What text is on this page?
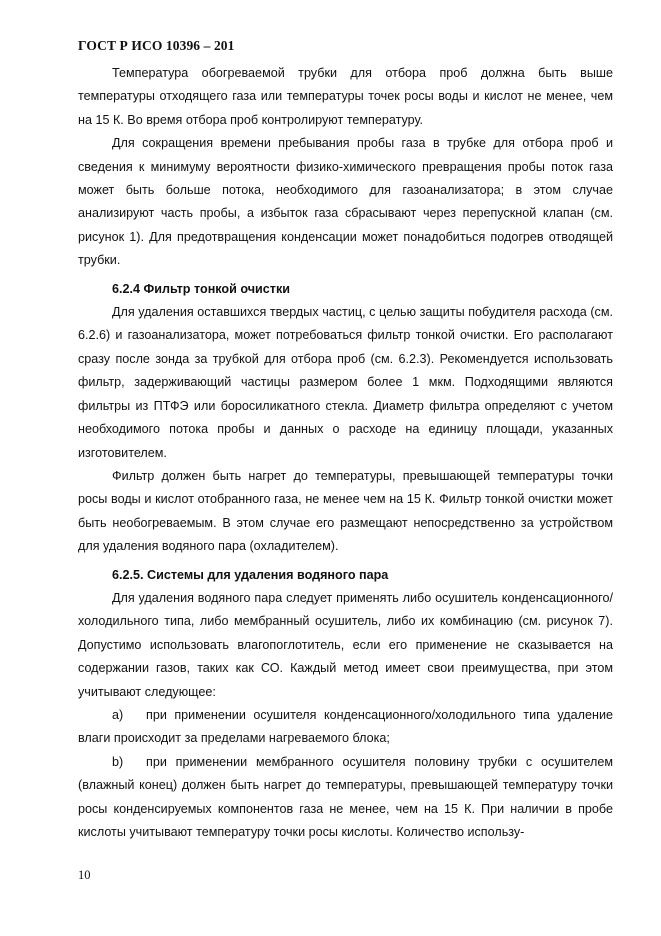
ГОСТ Р ИСО 10396 – 201

Температура обогреваемой трубки для отбора проб должна быть выше температуры отходящего газа или температуры точек росы воды и кислот не менее, чем на 15 К. Во время отбора проб контролируют температуру.

Для сокращения времени пребывания пробы газа в трубке для отбора проб и сведения к минимуму вероятности физико-химического превращения пробы поток газа может быть больше потока, необходимого для газоанализатора; в этом случае анализируют часть пробы, а избыток газа сбрасывают через перепускной клапан (см. рисунок 1). Для предотвращения конденсации может понадобиться подогрев отводящей трубки.

6.2.4 Фильтр тонкой очистки

Для удаления оставшихся твердых частиц, с целью защиты побудителя расхода (см. 6.2.6) и газоанализатора, может потребоваться фильтр тонкой очистки. Его располагают сразу после зонда за трубкой для отбора проб (см. 6.2.3). Рекомендуется использовать фильтр, задерживающий частицы размером более 1 мкм. Подходящими являются фильтры из ПТФЭ или боросиликатного стекла. Диаметр фильтра определяют с учетом необходимого потока пробы и данных о расходе на единицу площади, указанных изготовителем.

Фильтр должен быть нагрет до температуры, превышающей температуры точки росы воды и кислот отобранного газа, не менее чем на 15 К. Фильтр тонкой очистки может быть необогреваемым. В этом случае его размещают непосредственно за устройством для удаления водяного пара (охладителем).

6.2.5. Системы для удаления водяного пара

Для удаления водяного пара следует применять либо осушитель конденсационного/холодильного типа, либо мембранный осушитель, либо их комбинацию (см. рисунок 7). Допустимо использовать влагопоглотитель, если его применение не сказывается на содержании газов, таких как СО. Каждый метод имеет свои преимущества, при этом учитывают следующее:

a) при применении осушителя конденсационного/холодильного типа удаление влаги происходит за пределами нагреваемого блока;

b) при применении мембранного осушителя половину трубки с осушителем (влажный конец) должен быть нагрет до температуры, превышающей температуру точки росы конденсируемых компонентов газа не менее, чем на 15 К. При наличии в пробе кислоты учитывают температуру точки росы кислоты. Количество использу-

10
